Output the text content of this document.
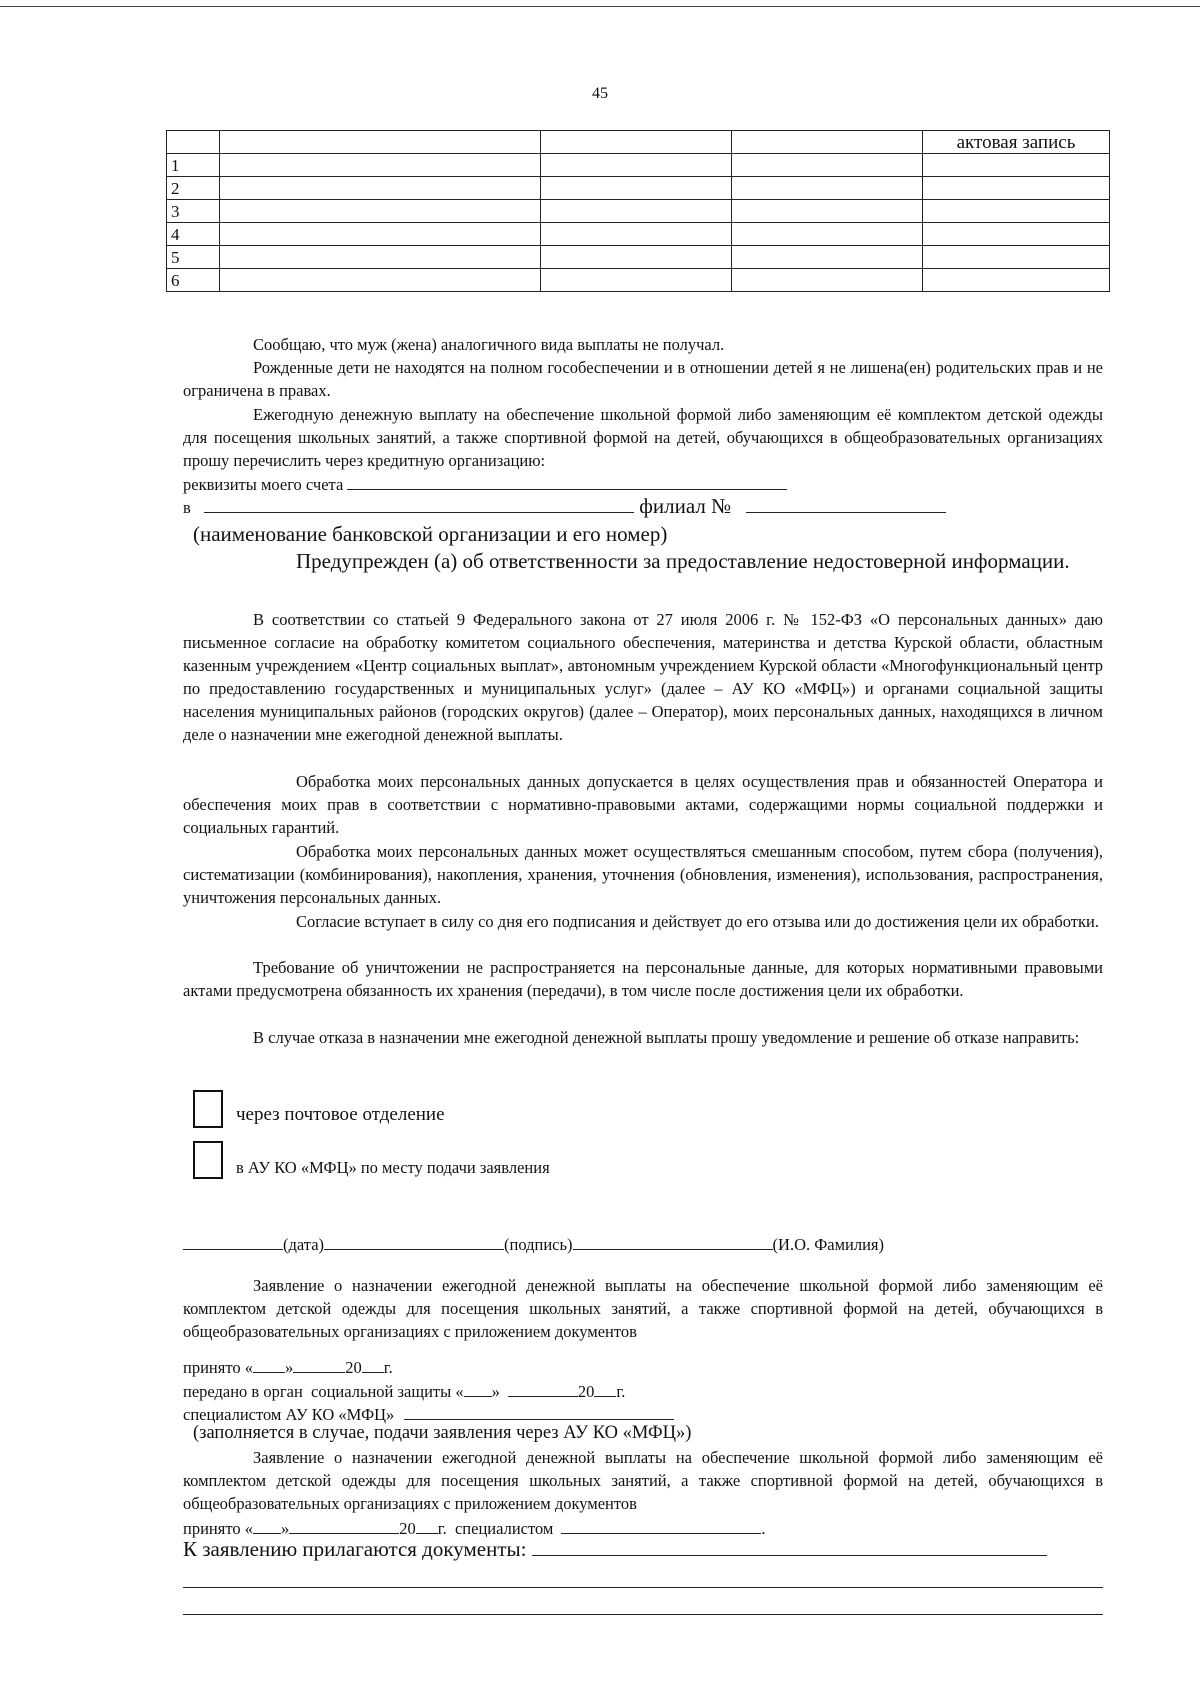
45
				актовая запись
1				
2				
3				
4				
5				
6				
Сообщаю, что муж (жена) аналогичного вида выплаты не получал.
Рожденные дети не находятся на полном гособеспечении и в отношении детей я не лишена(ен) родительских прав и не ограничена в правах.
Ежегодную денежную выплату на обеспечение школьной формой либо заменяющим её комплектом детской одежды для посещения школьных занятий, а также спортивной формой на детей, обучающихся в общеобразовательных организациях прошу перечислить через кредитную организацию:
реквизиты моего счета
в	филиал №
(наименование банковской организации и его номер)
Предупрежден (а) об ответственности за предоставление недостоверной информации.
В соответствии со статьей 9 Федерального закона от 27 июля 2006 г. № 152-ФЗ «О персональных данных» даю письменное согласие на обработку комитетом социального обеспечения, материнства и детства Курской области, областным казенным учреждением «Центр социальных выплат», автономным учреждением Курской области «Многофункциональный центр по предоставлению государственных и муниципальных услуг» (далее – АУ КО «МФЦ») и органами социальной защиты населения муниципальных районов (городских округов) (далее – Оператор), моих персональных данных, находящихся в личном деле о назначении мне ежегодной денежной выплаты.
Обработка моих персональных данных допускается в целях осуществления прав и обязанностей Оператора и обеспечения моих прав в соответствии с нормативно-правовыми актами, содержащими нормы социальной поддержки и социальных гарантий.
Обработка моих персональных данных может осуществляться смешанным способом, путем сбора (получения), систематизации (комбинирования), накопления, хранения, уточнения (обновления, изменения), использования, распространения, уничтожения персональных данных.
Согласие вступает в силу со дня его подписания и действует до его отзыва или до достижения цели их обработки.
Требование об уничтожении не распространяется на персональные данные, для которых нормативными правовыми актами предусмотрена обязанность их хранения (передачи), в том числе после достижения цели их обработки.
В случае отказа в назначении мне ежегодной денежной выплаты прошу уведомление и решение об отказе направить:
через почтовое отделение
в АУ КО «МФЦ» по месту подачи заявления
(дата)	(подпись)	(И.О. Фамилия)
Заявление о назначении ежегодной денежной выплаты на обеспечение школьной формой либо заменяющим её комплектом детской одежды для посещения школьных занятий, а также спортивной формой на детей, обучающихся в общеобразовательных организациях с приложением документов
принято « »	20 г.
передано в орган  социальной защиты « »	20 г.
специалистом АУ КО «МФЦ»
(заполняется в случае, подачи заявления через АУ КО «МФЦ»)
Заявление о назначении ежегодной денежной выплаты на обеспечение школьной формой либо заменяющим её комплектом детской одежды для посещения школьных занятий, а также спортивной формой на детей, обучающихся в общеобразовательных организациях с приложением документов
принято « »	20 г.  специалистом	.
К заявлению прилагаются документы:
